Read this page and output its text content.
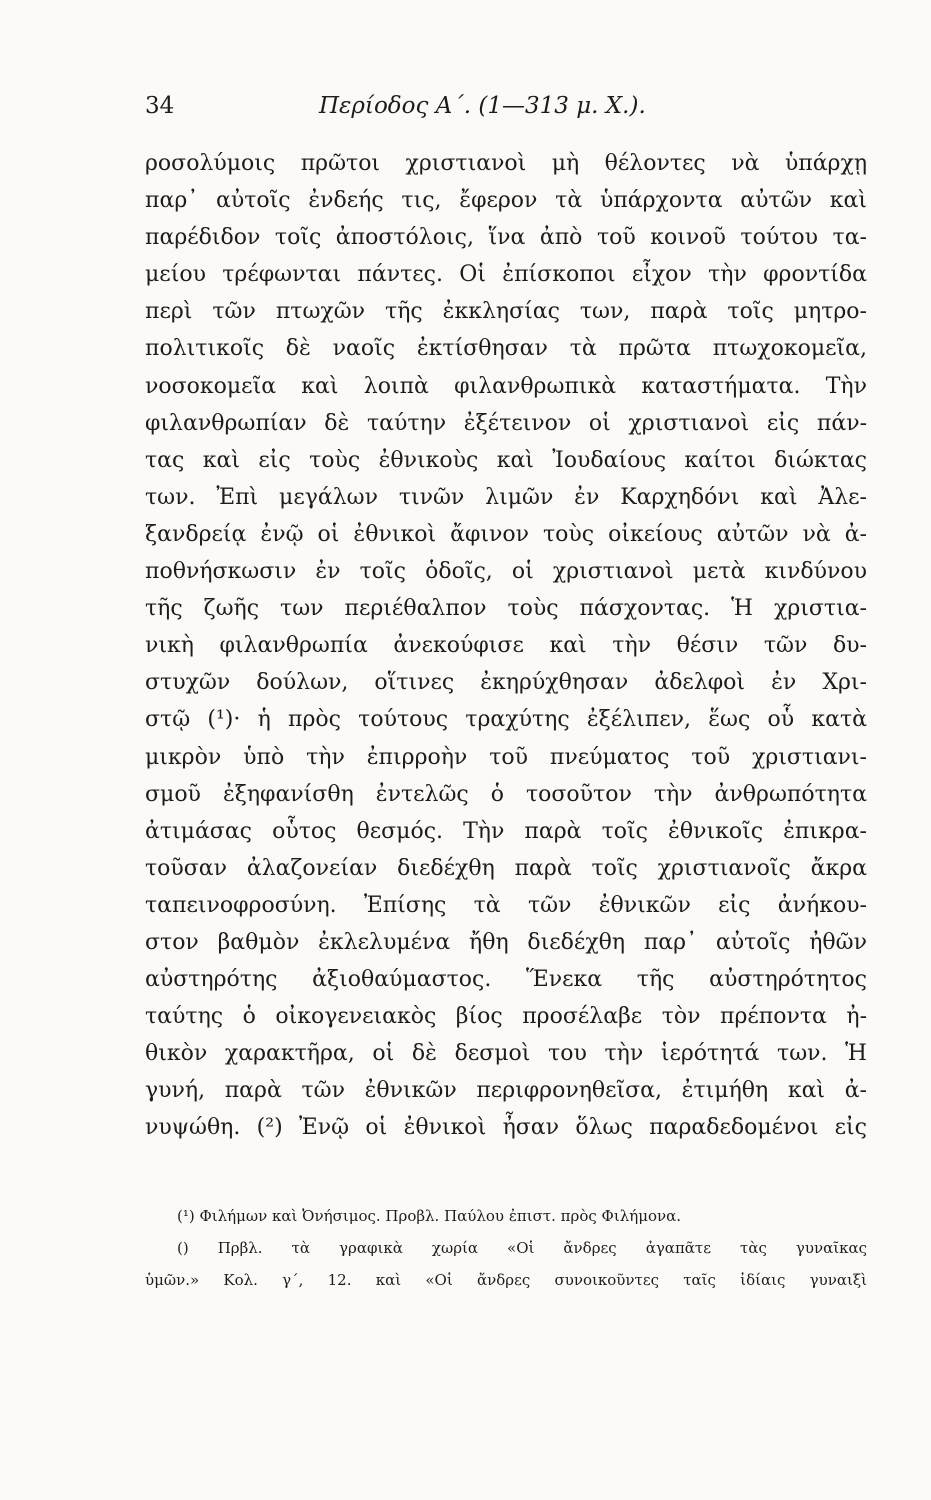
34	Περίοδος Α΄. (1—313 μ. Χ.).
ροσολύμοις πρῶτοι χριστιανοὶ μὴ θέλοντες νὰ ὑπάρχῃ
παρ᾿ αὐτοῖς ἐνδεής τις, ἔφερον τὰ ὑπάρχοντα αὐτῶν καὶ
παρέδιδον τοῖς ἀποστόλοις, ἵνα ἀπὸ τοῦ κοινοῦ τούτου τα-
μείου τρέφωνται πάντες. Οἱ ἐπίσκοποι εἶχον τὴν φροντίδα
περὶ τῶν πτωχῶν τῆς ἐκκλησίας των, παρὰ τοῖς μητρο-
πολιτικοῖς δὲ ναοῖς ἐκτίσθησαν τὰ πρῶτα πτωχοκομεῖα,
νοσοκομεῖα καὶ λοιπὰ φιλανθρωπικὰ καταστήματα. Τὴν
φιλανθρωπίαν δὲ ταύτην ἐξέτεινον οἱ χριστιανοὶ εἰς πάν-
τας καὶ εἰς τοὺς ἐθνικοὺς καὶ Ἰουδαίους καίτοι διώκτας
των. Ἐπὶ μεγάλων τινῶν λιμῶν ἐν Καρχηδόνι καὶ Ἀλε-
ξανδρείᾳ ἐνῷ οἱ ἐθνικοὶ ἄφινον τοὺς οἰκείους αὐτῶν νὰ ἀ-
ποθνήσκωσιν ἐν τοῖς ὁδοῖς, οἱ χριστιανοὶ μετὰ κινδύνου
τῆς ζωῆς των περιέθαλπον τοὺς πάσχοντας. Ἡ χριστια-
νικὴ φιλανθρωπία ἀνεκούφισε καὶ τὴν θέσιν τῶν δυ-
στυχῶν δούλων, οἵτινες ἐκηρύχθησαν ἀδελφοὶ ἐν Χρι-
στῷ (¹)· ἡ πρὸς τούτους τραχύτης ἐξέλιπεν, ἕως οὗ κατὰ
μικρὸν ὑπὸ τὴν ἐπιρροὴν τοῦ πνεύματος τοῦ χριστιανι-
σμοῦ ἐξηφανίσθη ἐντελῶς ὁ τοσοῦτον τὴν ἀνθρωπότητα
ἀτιμάσας οὗτος θεσμός. Τὴν παρὰ τοῖς ἐθνικοῖς ἐπικρα-
τοῦσαν ἀλαζονείαν διεδέχθη παρὰ τοῖς χριστιανοῖς ἄκρα
ταπεινοφροσύνη. Ἐπίσης τὰ τῶν ἐθνικῶν εἰς ἀνήκου-
στον βαθμὸν ἐκλελυμένα ἤθη διεδέχθη παρ᾿ αὐτοῖς ἠθῶν
αὐστηρότης ἀξιοθαύμαστος. Ἕνεκα τῆς αὐστηρότητος
ταύτης ὁ οἰκογενειακὸς βίος προσέλαβε τὸν πρέποντα ἠ-
θικὸν χαρακτῆρα, οἱ δὲ δεσμοὶ του τὴν ἱερότητά των. Ἡ
γυνή, παρὰ τῶν ἐθνικῶν περιφρονηθεῖσα, ἐτιμήθη καὶ ἀ-
νυψώθη. (²) Ἐνῷ οἱ ἐθνικοὶ ἦσαν ὅλως παραδεδομένοι εἰς
(¹) Φιλήμων καὶ Ὀνήσιμος. Προβλ. Παύλου ἐπιστ. πρὸς Φιλήμονα.
() Πρβλ. τὰ γραφικὰ χωρία «Οἱ ἄνδρες ἀγαπᾶτε τὰς γυναῖκας
ὑμῶν.» Κολ. γ΄, 12. καὶ «Οἱ ἄνδρες συνοικοῦντες ταῖς ἰδίαις γυναιξὶ
